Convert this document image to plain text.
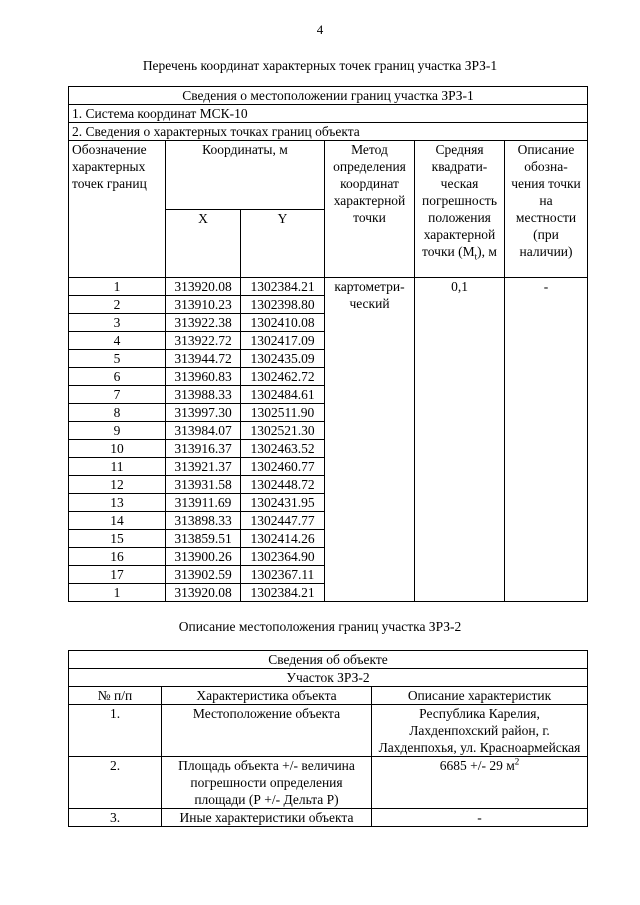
4
Перечень координат характерных точек границ участка ЗРЗ-1
Сведения о местоположении границ участка ЗРЗ-1					
1. Система координат МСК-10					
2. Сведения о характерных точках границ объекта					
Обозначение характерных точек границ	Координаты, м		Метод определения координат характерной точки	Средняя квадрати-ческая погрешность положения характерной точки $(M_t)$, м	Описание обозна-чения точки на местности (при наличии)
	X	Y			
1	313920.08	1302384.21	картометри-ческий	0,1	-
2	313910.23	1302398.80			
3	313922.38	1302410.08			
4	313922.72	1302417.09			
5	313944.72	1302435.09			
6	313960.83	1302462.72			
7	313988.33	1302484.61			
8	313997.30	1302511.90			
9	313984.07	1302521.30			
10	313916.37	1302463.52			
11	313921.37	1302460.77			
12	313931.58	1302448.72			
13	313911.69	1302431.95			
14	313898.33	1302447.77			
15	313859.51	1302414.26			
16	313900.26	1302364.90			
17	313902.59	1302367.11			
1	313920.08	1302384.21			
Описание местоположения границ участка ЗРЗ-2
Сведения об объекте		
Участок ЗРЗ-2		
№ п/п	Характеристика объекта	Описание характеристик
1.	Местоположение объекта	Республика Карелия, Лахденпохский район, г. Лахденпохья, ул. Красноармейская
2.	Площадь объекта +/- величина погрешности определения площади (Р +/- Дельта Р)	6685 +/- 29 $м^2$
3.	Иные характеристики объекта	-
